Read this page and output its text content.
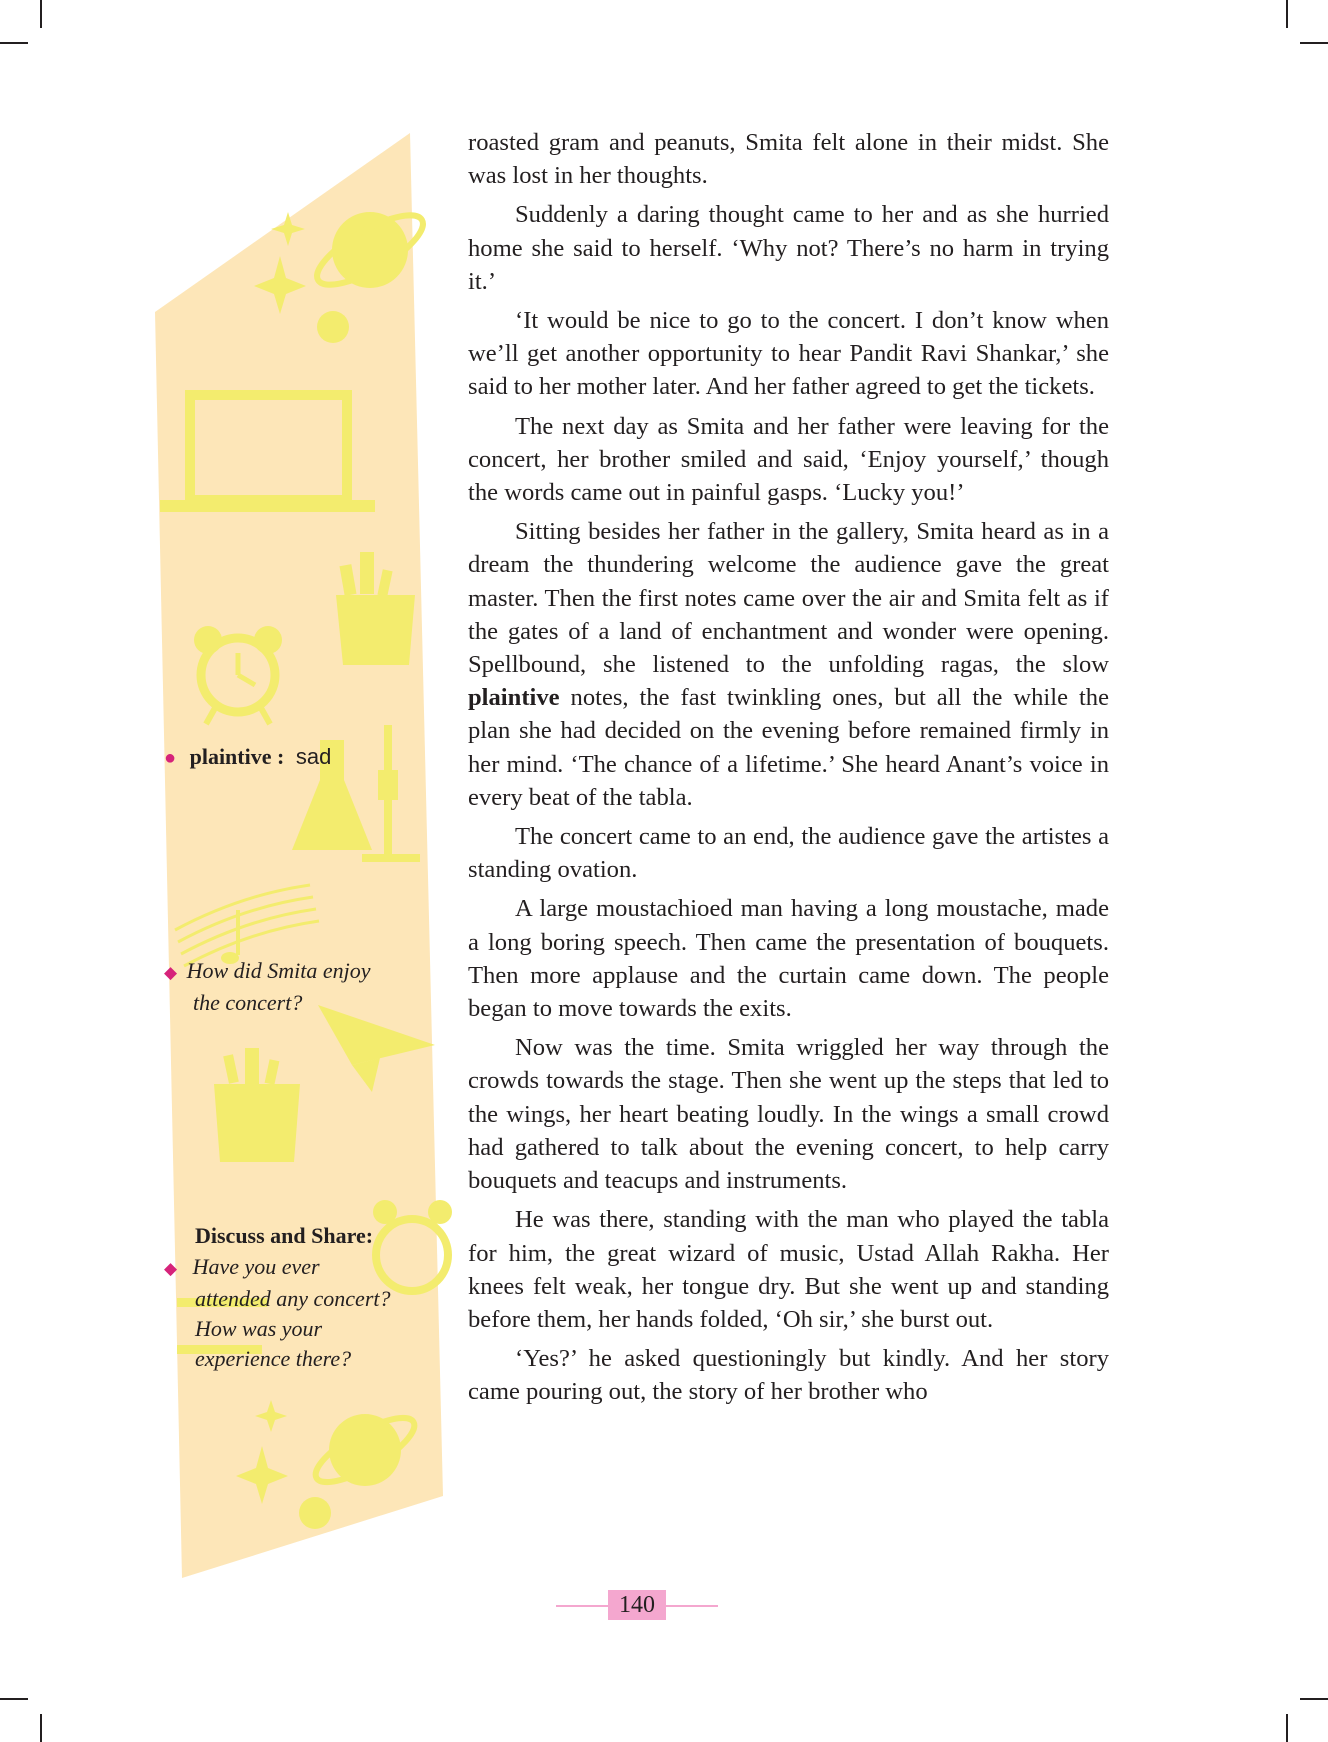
● plaintive : sad
◆ How did Smita enjoy
the concert?
Discuss and Share:
◆ Have you ever
attended any concert?
How was your
experience there?

roasted gram and peanuts, Smita felt alone in their midst. She was lost in her thoughts.

Suddenly a daring thought came to her and as she hurried home she said to herself. ‘Why not? There’s no harm in trying it.’

‘It would be nice to go to the concert. I don’t know when we’ll get another opportunity to hear Pandit Ravi Shankar,’ she said to her mother later. And her father agreed to get the tickets.

The next day as Smita and her father were leaving for the concert, her brother smiled and said, ‘Enjoy yourself,’ though the words came out in painful gasps. ‘Lucky you!’

Sitting besides her father in the gallery, Smita heard as in a dream the thundering welcome the audience gave the great master. Then the first notes came over the air and Smita felt as if the gates of a land of enchantment and wonder were opening. Spellbound, she listened to the unfolding ragas, the slow plaintive notes, the fast twinkling ones, but all the while the plan she had decided on the evening before remained firmly in her mind. ‘The chance of a lifetime.’ She heard Anant’s voice in every beat of the tabla.

The concert came to an end, the audience gave the artistes a standing ovation.

A large moustachioed man having a long moustache, made a long boring speech. Then came the presentation of bouquets. Then more applause and the curtain came down. The people began to move towards the exits.

Now was the time. Smita wriggled her way through the crowds towards the stage. Then she went up the steps that led to the wings, her heart beating loudly. In the wings a small crowd had gathered to talk about the evening concert, to help carry bouquets and teacups and instruments.

He was there, standing with the man who played the tabla for him, the great wizard of music, Ustad Allah Rakha. Her knees felt weak, her tongue dry. But she went up and standing before them, her hands folded, ‘Oh sir,’ she burst out.

‘Yes?’ he asked questioningly but kindly. And her story came pouring out, the story of her brother who

140
